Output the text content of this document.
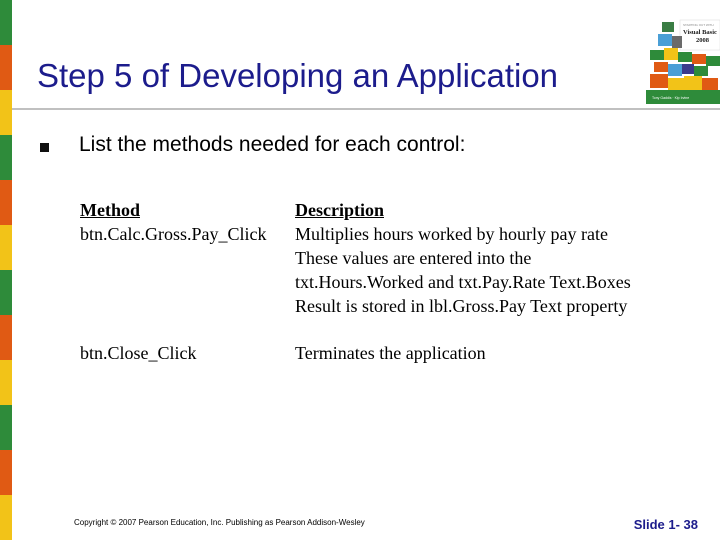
Step 5 of Developing an Application
STARTING OUT WITH
Visual Basic
2008
Tony Gaddis · Kip Irvine
List the methods needed for each control:
Method
btn.Calc.Gross.Pay_Click
Description
Multiplies hours worked by hourly pay rate
These values are entered into the
txt.Hours.Worked and txt.Pay.Rate Text.Boxes
Result is stored in lbl.Gross.Pay Text property
btn.Close_Click	Terminates the application
Copyright © 2007 Pearson Education, Inc. Publishing as Pearson Addison-Wesley	Slide 1- 38
